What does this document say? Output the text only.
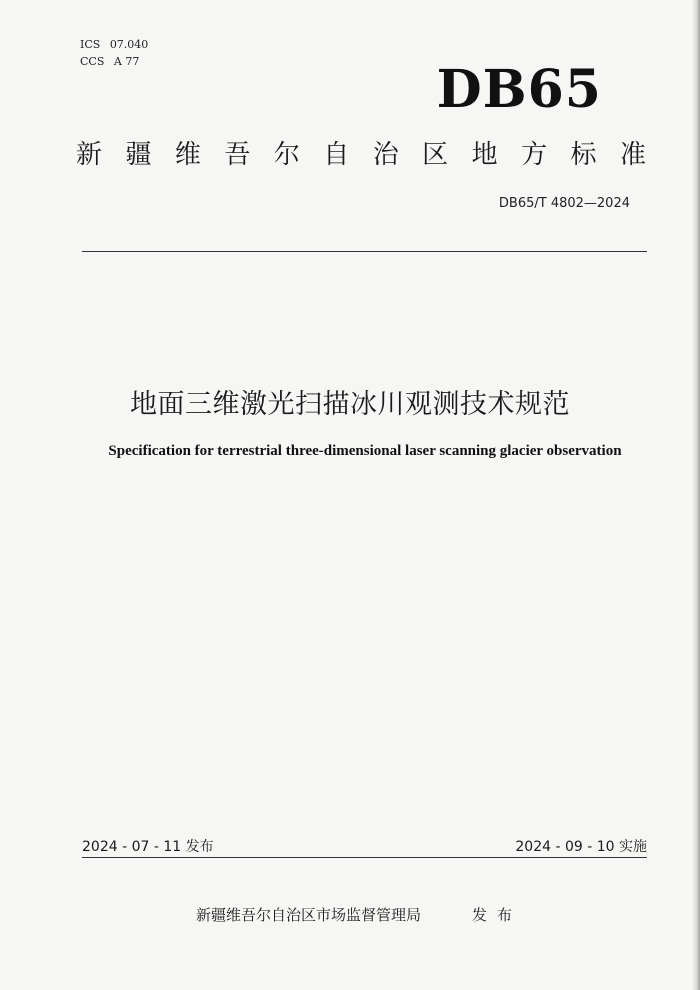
ICS 07.040
CCS A 77	DB65
新疆维吾尔自治区地方标准
DB65/T 4802—2024
地面三维激光扫描冰川观测技术规范
Specification for terrestrial three-dimensional laser scanning glacier observation
2024 - 07 - 11 发布	2024 - 09 - 10 实施
新疆维吾尔自治区市场监督管理局	发布
